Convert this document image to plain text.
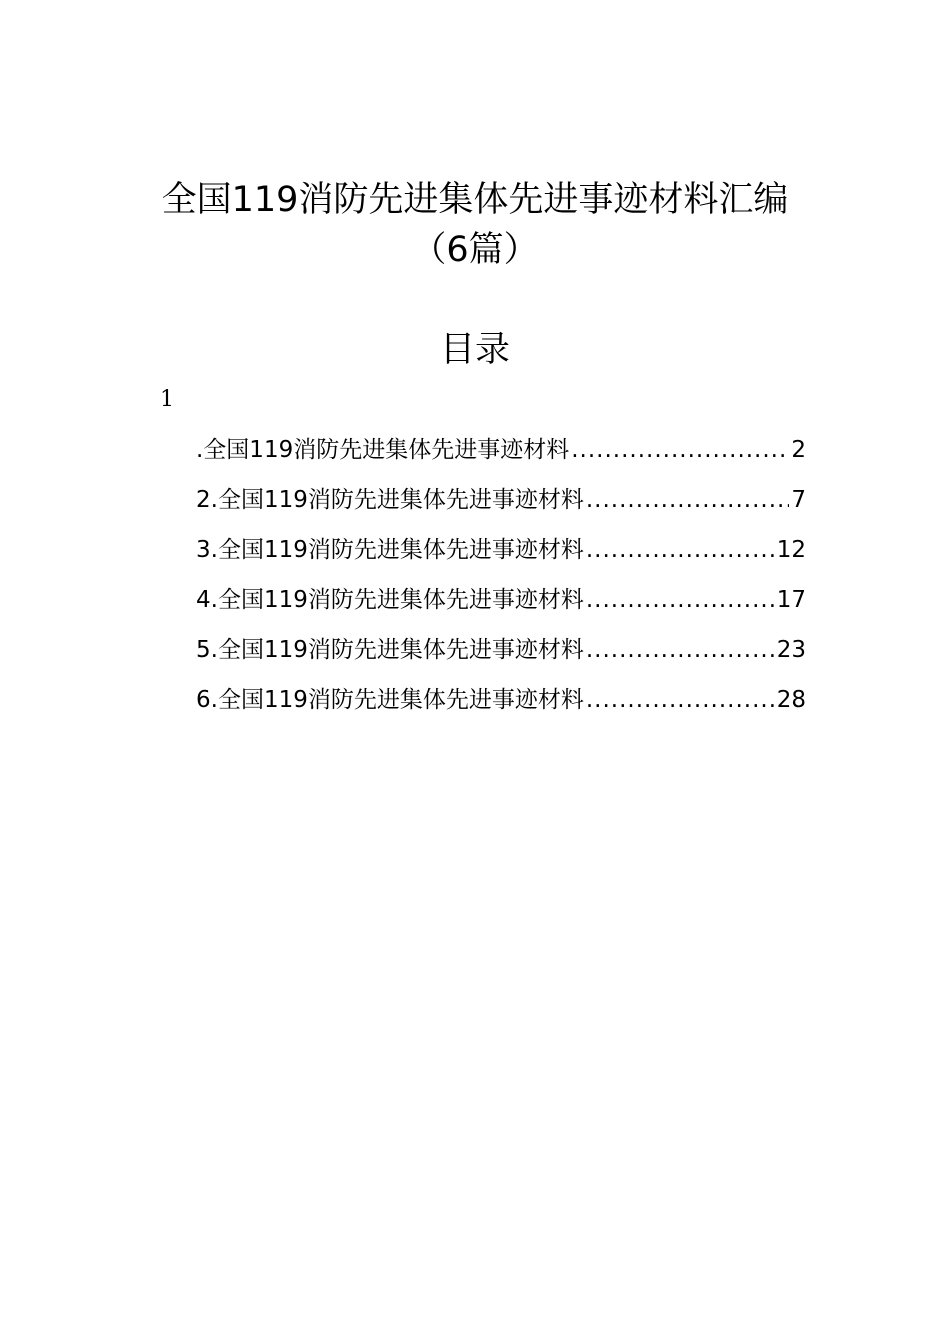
全国119消防先进集体先进事迹材料汇编
（6篇）
目录
1
.全国119消防先进集体先进事迹材料 .....	2
2.全国119消防先进集体先进事迹材料 .....	7
3.全国119消防先进集体先进事迹材料 .....	12
4.全国119消防先进集体先进事迹材料 .....	17
5.全国119消防先进集体先进事迹材料 .....	23
6.全国119消防先进集体先进事迹材料 .....	28
